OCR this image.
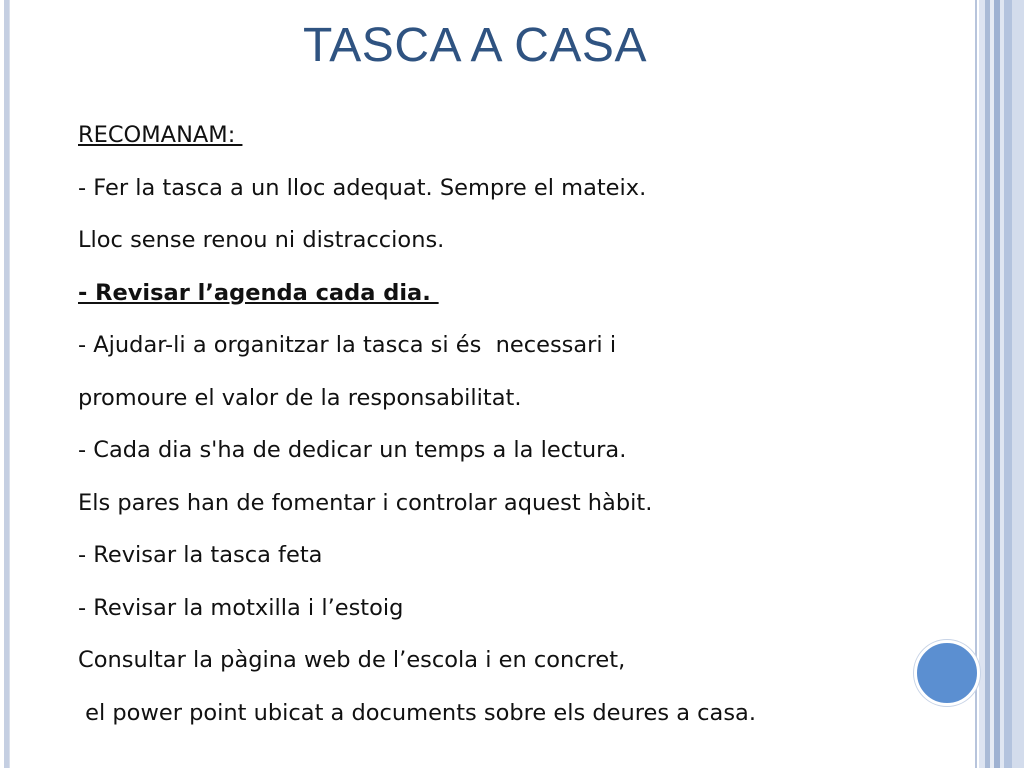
TASCA A CASA
RECOMANAM:
- Fer la tasca a un lloc adequat. Sempre el mateix.
Lloc sense renou ni distraccions.
- Revisar l’agenda cada dia.
- Ajudar-li a organitzar la tasca si és  necessari i
promoure el valor de la responsabilitat.
- Cada dia s'ha de dedicar un temps a la lectura.
Els pares han de fomentar i controlar aquest hàbit.
- Revisar la tasca feta
- Revisar la motxilla i l’estoig
Consultar la pàgina web de l’escola i en concret,
el power point ubicat a documents sobre els deures a casa.
